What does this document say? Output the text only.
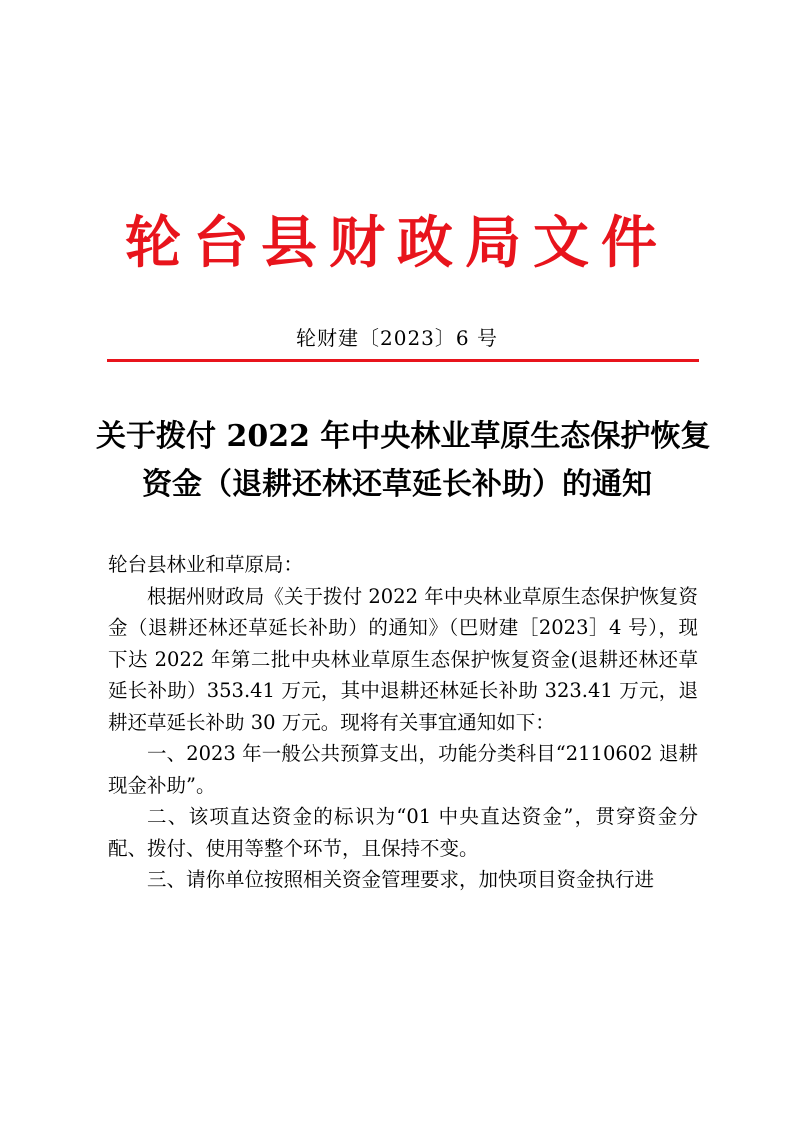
轮台县财政局文件
轮财建〔2023〕6 号
关于拨付 2022 年中央林业草原生态保护恢复
资金（退耕还林还草延长补助）的通知

轮台县林业和草原局：

根据州财政局《关于拨付 2022 年中央林业草原生态保护恢复资金（退耕还林还草延长补助）的通知》（巴财建［2023］4 号），现下达 2022 年第二批中央林业草原生态保护恢复资金(退耕还林还草延长补助）353.41 万元，其中退耕还林延长补助 323.41 万元，退耕还草延长补助 30 万元。现将有关事宜通知如下：

一、2023 年一般公共预算支出，功能分类科目“2110602 退耕现金补助”。

二、该项直达资金的标识为“01 中央直达资金”，贯穿资金分配、拨付、使用等整个环节，且保持不变。

三、请你单位按照相关资金管理要求，加快项目资金执行进
